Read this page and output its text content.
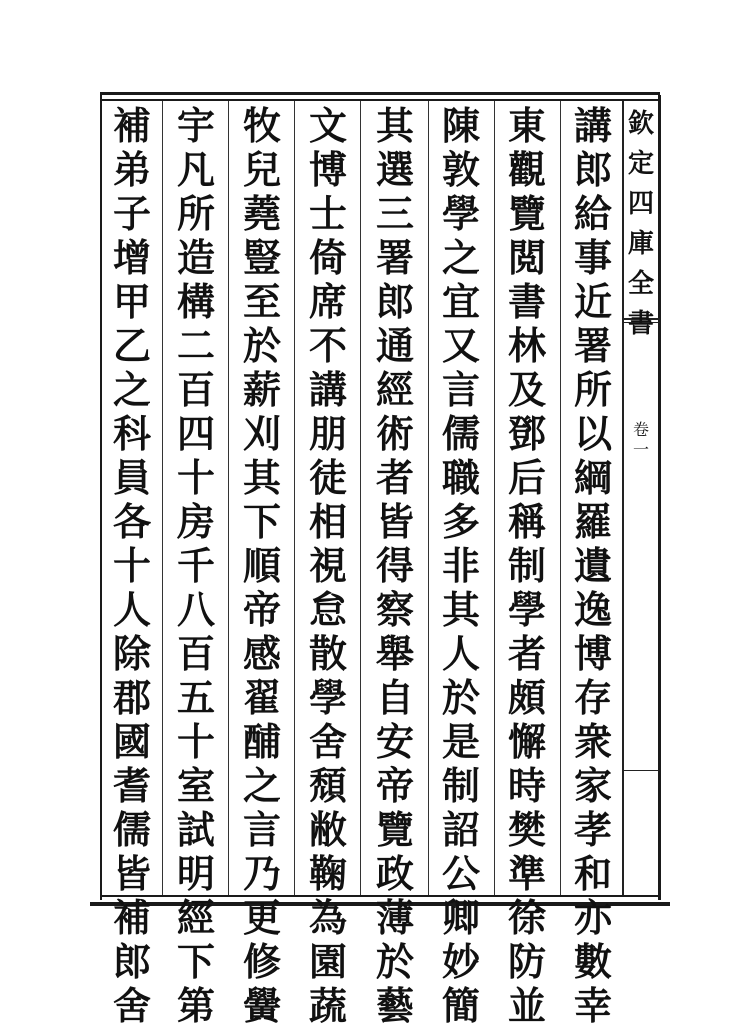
欽
定
四
庫
全
書
卷
一
講
郎
給
事
近
署
所
以
綱
羅
遺
逸
博
存
衆
家
孝
和
亦
數
幸
東
觀
覽
閲
書
林
及
鄧
后
稱
制
學
者
頗
懈
時
樊
準
徐
防
並
陳
敦
學
之
宜
又
言
儒
職
多
非
其
人
於
是
制
詔
公
卿
妙
簡
其
選
三
署
郎
通
經
術
者
皆
得
察
舉
自
安
帝
覽
政
薄
於
藝
文
博
士
倚
席
不
講
朋
徒
相
視
怠
散
學
舍
頹
敝
鞠
為
園
蔬
牧
兒
蕘
豎
至
於
薪
刈
其
下
順
帝
感
翟
酺
之
言
乃
更
修
黌
宇
凡
所
造
構
二
百
四
十
房
千
八
百
五
十
室
試
明
經
下
第
補
弟
子
增
甲
乙
之
科
員
各
十
人
除
郡
國
耆
儒
皆
補
郎
舍
